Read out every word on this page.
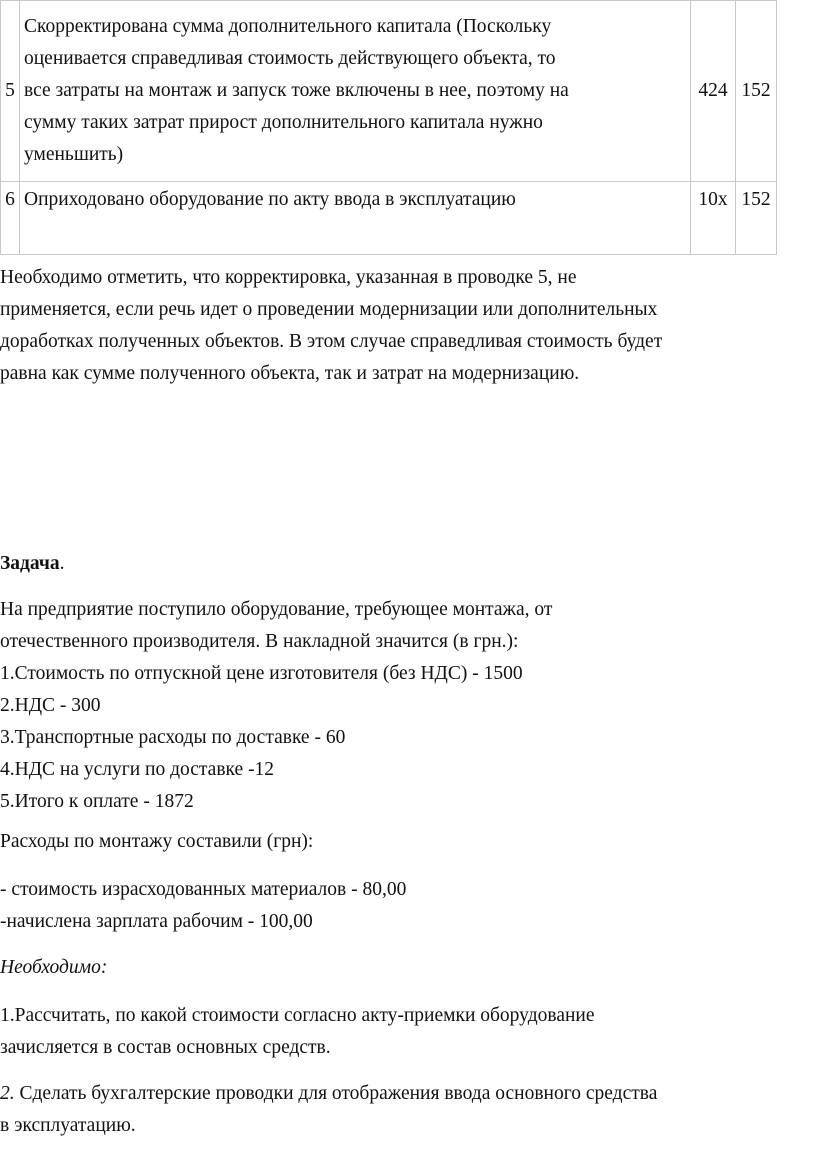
5	Скорректирована сумма дополнительного капитала (Поскольку
оценивается справедливая стоимость действующего объекта, то
все затраты на монтаж и запуск тоже включены в нее, поэтому на
сумму таких затрат прирост дополнительного капитала нужно
уменьшить)	424	152
6	Оприходовано оборудование по акту ввода в эксплуатацию	10х	152

Необходимо отметить, что корректировка, указанная в проводке 5, не
применяется, если речь идет о проведении модернизации или дополнительных
доработках полученных объектов. В этом случае справедливая стоимость будет
равна как сумме полученного объекта, так и затрат на модернизацию.

Задача.

На предприятие поступило оборудование, требующее монтажа, от
отечественного производителя. В накладной значится (в грн.):
1.Стоимость по отпускной цене изготовителя (без НДС) - 1500
2.НДС - 300
3.Транспортные расходы по доставке - 60
4.НДС на услуги по доставке -12
5.Итого к оплате - 1872

Расходы по монтажу составили (грн):

- стоимость израсходованных материалов - 80,00
-начислена зарплата рабочим - 100,00

Необходимо:

1.Рассчитать, по какой стоимости согласно акту-приемки оборудование
зачисляется в состав основных средств.

2. Сделать бухгалтерские проводки для отображения ввода основного средства
в эксплуатацию.
